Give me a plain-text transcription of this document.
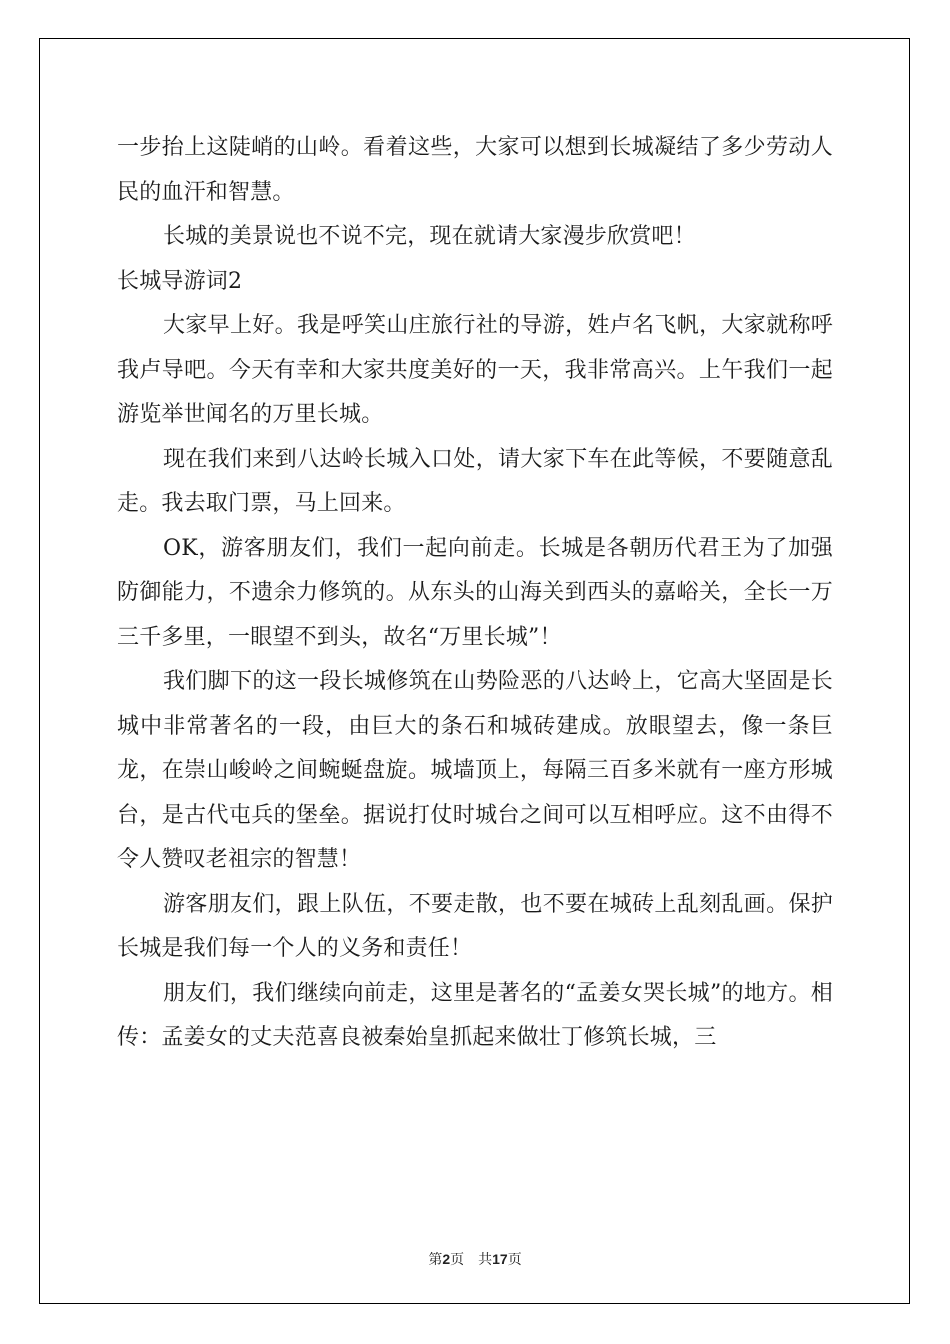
一步抬上这陡峭的山岭。看着这些，大家可以想到长城凝结了多少劳动人民的血汗和智慧。

长城的美景说也不说不完，现在就请大家漫步欣赏吧！

长城导游词2

大家早上好。我是呼笑山庄旅行社的导游，姓卢名飞帆，大家就称呼我卢导吧。今天有幸和大家共度美好的一天，我非常高兴。上午我们一起游览举世闻名的万里长城。

现在我们来到八达岭长城入口处，请大家下车在此等候，不要随意乱走。我去取门票，马上回来。

OK，游客朋友们，我们一起向前走。长城是各朝历代君王为了加强防御能力，不遗余力修筑的。从东头的山海关到西头的嘉峪关，全长一万三千多里，一眼望不到头，故名“万里长城”！

我们脚下的这一段长城修筑在山势险恶的八达岭上，它高大坚固是长城中非常著名的一段，由巨大的条石和城砖建成。放眼望去，像一条巨龙，在崇山峻岭之间蜿蜒盘旋。城墙顶上，每隔三百多米就有一座方形城台，是古代屯兵的堡垒。据说打仗时城台之间可以互相呼应。这不由得不令人赞叹老祖宗的智慧！

游客朋友们，跟上队伍，不要走散，也不要在城砖上乱刻乱画。保护长城是我们每一个人的义务和责任！

朋友们，我们继续向前走，这里是著名的“孟姜女哭长城”的地方。相传：孟姜女的丈夫范喜良被秦始皇抓起来做壮丁修筑长城，三

第2页 共17页
